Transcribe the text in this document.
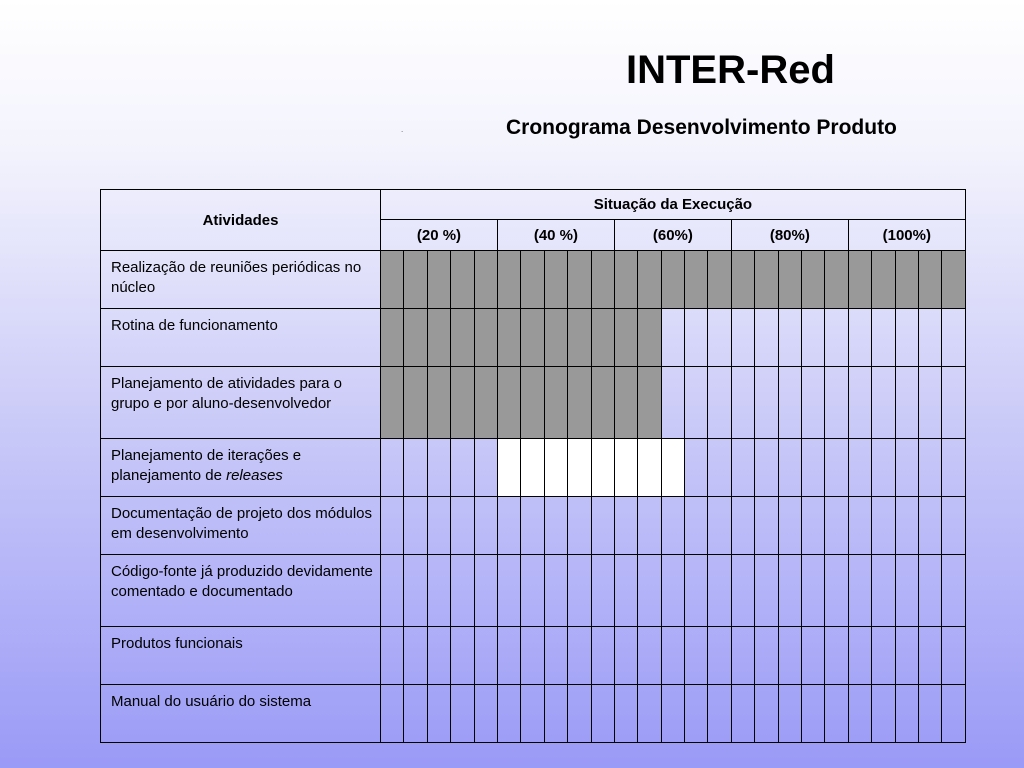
INTER-Red
.	Cronograma Desenvolvimento Produto
Atividades	Situação da Execução																								
	(20 %)					(40 %)					(60%)					(80%)					(100%)				
Realização de reuniões periódicas no núcleo																									
Rotina de funcionamento																									
Planejamento de atividades para o grupo e por aluno-desenvolvedor																									
Planejamento de iterações e planejamento de releases																									
Documentação de projeto dos módulos em desenvolvimento																									
Código-fonte já produzido devidamente comentado e documentado																									
Produtos funcionais																									
Manual do usuário do sistema																									
